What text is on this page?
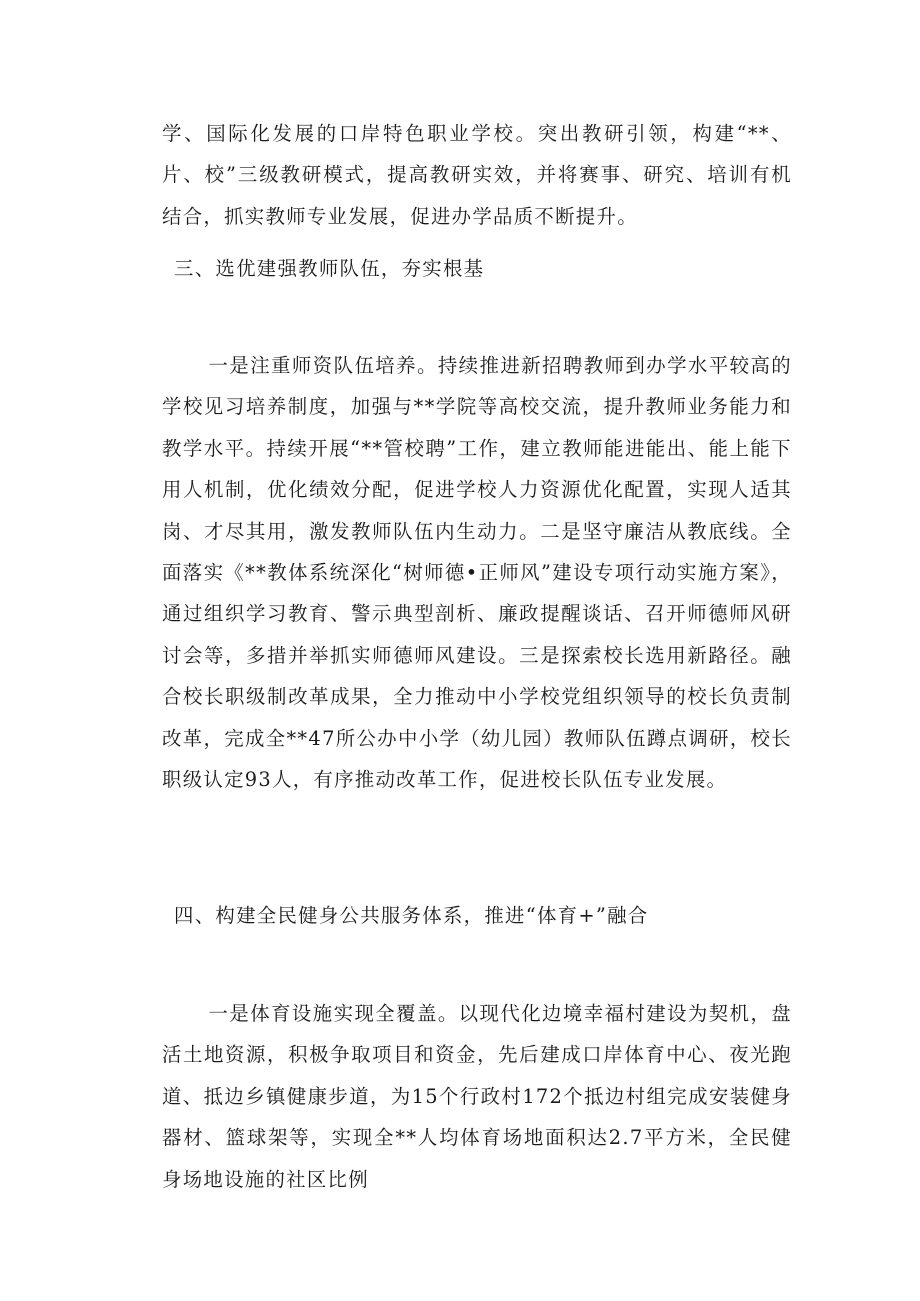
学、国际化发展的口岸特色职业学校。突出教研引领，构建“**、片、校”三级教研模式，提高教研实效，并将赛事、研究、培训有机结合，抓实教师专业发展，促进办学品质不断提升。

三、选优建强教师队伍，夯实根基

一是注重师资队伍培养。持续推进新招聘教师到办学水平较高的学校见习培养制度，加强与**学院等高校交流，提升教师业务能力和教学水平。持续开展“**管校聘”工作，建立教师能进能出、能上能下用人机制，优化绩效分配，促进学校人力资源优化配置，实现人适其岗、才尽其用，激发教师队伍内生动力。二是坚守廉洁从教底线。全面落实《**教体系统深化“树师德•正师风”建设专项行动实施方案》，通过组织学习教育、警示典型剖析、廉政提醒谈话、召开师德师风研讨会等，多措并举抓实师德师风建设。三是探索校长选用新路径。融合校长职级制改革成果，全力推动中小学校党组织领导的校长负责制改革，完成全**47所公办中小学（幼儿园）教师队伍蹲点调研，校长职级认定93人，有序推动改革工作，促进校长队伍专业发展。

四、构建全民健身公共服务体系，推进“体育+”融合

一是体育设施实现全覆盖。以现代化边境幸福村建设为契机，盘活土地资源，积极争取项目和资金，先后建成口岸体育中心、夜光跑道、抵边乡镇健康步道，为15个行政村172个抵边村组完成安装健身器材、篮球架等，实现全**人均体育场地面积达2.7平方米，全民健身场地设施的社区比例
